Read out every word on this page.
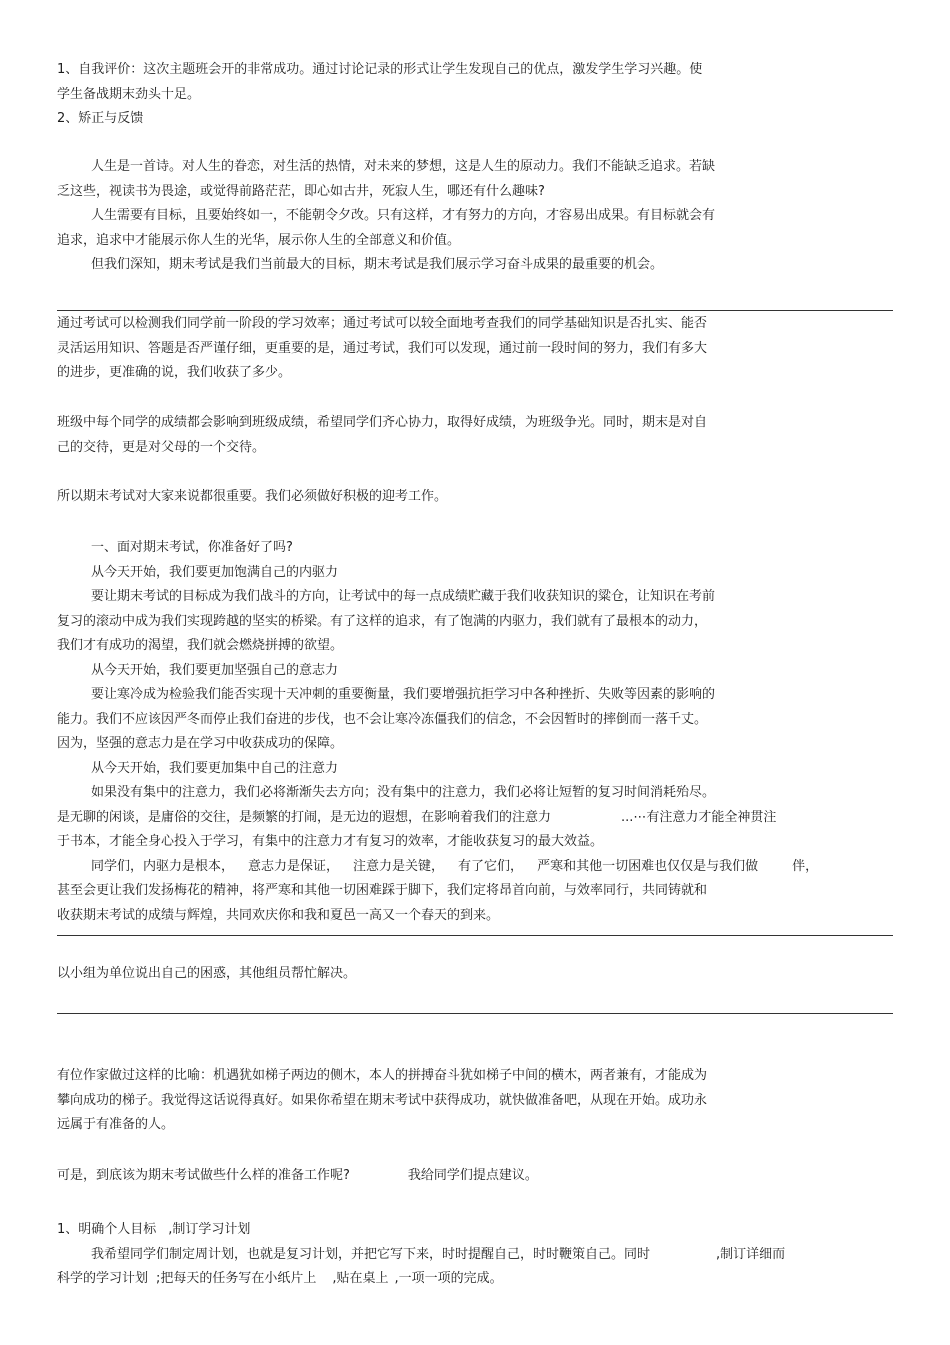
1、自我评价：这次主题班会开的非常成功。通过讨论记录的形式让学生发现自己的优点，激发学生学习兴趣。使

学生备战期末劲头十足。

2、矫正与反馈

人生是一首诗。对人生的眷恋，对生活的热情，对未来的梦想，这是人生的原动力。我们不能缺乏追求。若缺

乏这些，视读书为畏途，或觉得前路茫茫，即心如古井，死寂人生，哪还有什么趣味?

人生需要有目标，且要始终如一，不能朝令夕改。只有这样，才有努力的方向，才容易出成果。有目标就会有

追求，追求中才能展示你人生的光华，展示你人生的全部意义和价值。

但我们深知，期末考试是我们当前最大的目标，期末考试是我们展示学习奋斗成果的最重要的机会。

通过考试可以检测我们同学前一阶段的学习效率；通过考试可以较全面地考查我们的同学基础知识是否扎实、能否

灵活运用知识、答题是否严谨仔细，更重要的是，通过考试，我们可以发现，通过前一段时间的努力，我们有多大

的进步，更准确的说，我们收获了多少。

班级中每个同学的成绩都会影响到班级成绩，希望同学们齐心协力，取得好成绩，为班级争光。同时，期末是对自

己的交待，更是对父母的一个交待。

所以期末考试对大家来说都很重要。我们必须做好积极的迎考工作。

一、面对期末考试，你准备好了吗?

从今天开始，我们要更加饱满自己的内驱力

要让期末考试的目标成为我们战斗的方向，让考试中的每一点成绩贮藏于我们收获知识的粱仓，让知识在考前

复习的滚动中成为我们实现跨越的坚实的桥梁。有了这样的追求，有了饱满的内驱力，我们就有了最根本的动力，

我们才有成功的渴望，我们就会燃烧拼搏的欲望。

从今天开始，我们要更加坚强自己的意志力

要让寒冷成为检验我们能否实现十天冲刺的重要衡量，我们要增强抗拒学习中各种挫折、失败等因素的影响的

能力。我们不应该因严冬而停止我们奋进的步伐，也不会让寒冷冻僵我们的信念，不会因暂时的摔倒而一落千丈。

因为，坚强的意志力是在学习中收获成功的保障。

从今天开始，我们要更加集中自己的注意力

如果没有集中的注意力，我们必将渐渐失去方向；没有集中的注意力，我们必将让短暂的复习时间消耗殆尽。

是无聊的闲谈，是庸俗的交往，是频繁的打闹，是无边的遐想，在影响着我们的注意力	...⋯有注意力才能全神贯注

于书本，才能全身心投入于学习，有集中的注意力才有复习的效率，才能收获复习的最大效益。

同学们，内驱力是根本， 意志力是保证， 注意力是关键， 有了它们， 严寒和其他一切困难也仅仅是与我们做	伴，

甚至会更让我们发扬梅花的精神，将严寒和其他一切困难踩于脚下，我们定将昂首向前，与效率同行，共同铸就和

收获期末考试的成绩与辉煌，共同欢庆你和我和夏邑一高又一个春天的到来。

以小组为单位说出自己的困惑，其他组员帮忙解决。

有位作家做过这样的比喻：机遇犹如梯子两边的侧木，本人的拼搏奋斗犹如梯子中间的横木，两者兼有，才能成为

攀向成功的梯子。我觉得这话说得真好。如果你希望在期末考试中获得成功，就快做准备吧，从现在开始。成功永

远属于有准备的人。

可是，到底该为期末考试做些什么样的准备工作呢?	我给同学们提点建议。

1、明确个人目标 ,制订学习计划

我希望同学们制定周计划，也就是复习计划，并把它写下来，时时提醒自己，时时鞭策自己。同时	,制订详细而

科学的学习计划 ;把每天的任务写在小纸片上 ,贴在桌上 ,一项一项的完成。
